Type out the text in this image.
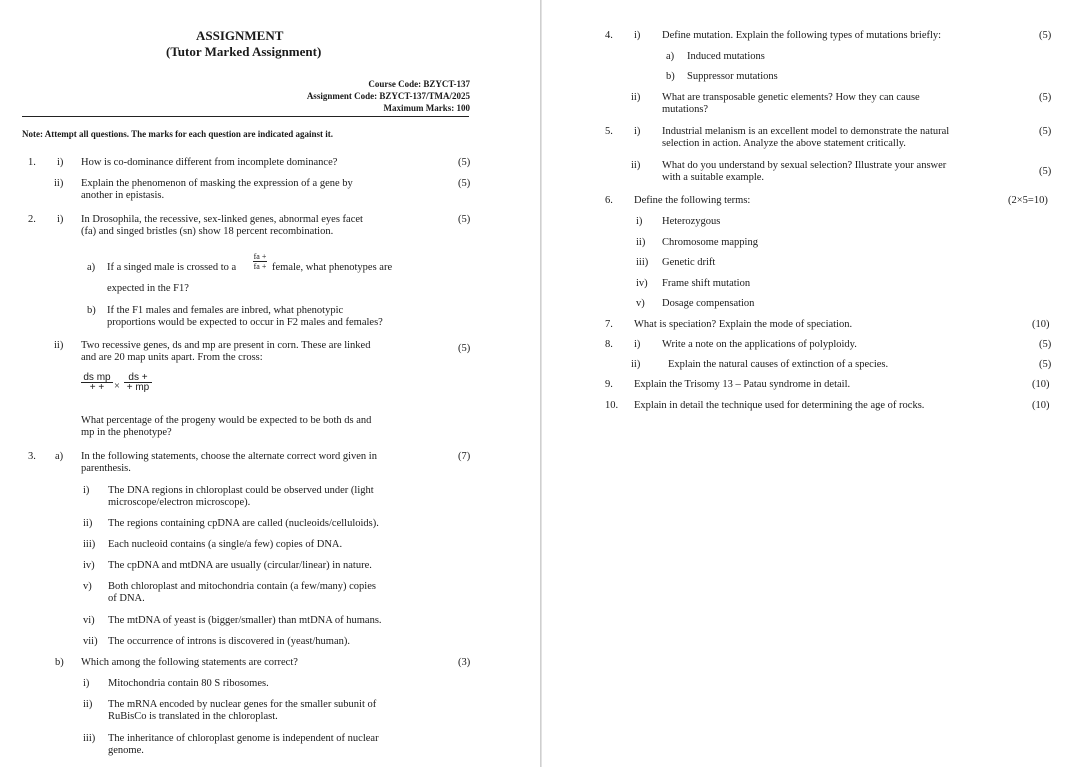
ASSIGNMENT
(Tutor Marked Assignment)
Course Code: BZYCT-137
Assignment Code: BZYCT-137/TMA/2025
Maximum Marks: 100
Note: Attempt all questions. The marks for each question are indicated against it.
1. i) How is co-dominance different from incomplete dominance?	(5)
ii) Explain the phenomenon of masking the expression of a gene by
another in epistasis.
(5)
2. i) In Drosophila, the recessive, sex-linked genes, abnormal eyes facet
(fa) and singed bristles (sn) show 18 percent recombination.
(5)
a) If a singed male is crossed to a $\frac{fa +}{fa +}$ female, what phenotypes are
expected in the F1?
b) If the F1 males and females are inbred, what phenotypic
proportions would be expected to occur in F2 males and females?
ii) Two recessive genes, ds and mp are present in corn. These are linked
and are 20 map units apart. From the cross:
(5)
ds mp
+ + × $\frac{ds +}{+ mp}$
What percentage of the progeny would be expected to be both ds and
mp in the phenotype?
3. a) In the following statements, choose the alternate correct word given in
parenthesis.
(7)
i) The DNA regions in chloroplast could be observed under (light
microscope/electron microscope).
ii) The regions containing cpDNA are called (nucleoids/celluloids).
iii) Each nucleoid contains (a single/a few) copies of DNA.
iv) The cpDNA and mtDNA are usually (circular/linear) in nature.
v) Both chloroplast and mitochondria contain (a few/many) copies
of DNA.
vi) The mtDNA of yeast is (bigger/smaller) than mtDNA of humans.
vii) The occurrence of introns is discovered in (yeast/human).
b) Which among the following statements are correct?	(3)
i) Mitochondria contain 80 S ribosomes.
ii) The mRNA encoded by nuclear genes for the smaller subunit of
RuBisCo is translated in the chloroplast.
iii) The inheritance of chloroplast genome is independent of nuclear
genome.
4. i) Define mutation. Explain the following types of mutations briefly:	(5)
a) Induced mutations
b) Suppressor mutations
ii) What are transposable genetic elements? How they can cause
mutations?
(5)
5. i) Industrial melanism is an excellent model to demonstrate the natural
selection in action. Analyze the above statement critically.
(5)
ii) What do you understand by sexual selection? Illustrate your answer
with a suitable example.
(5)
6. Define the following terms:	(2×5=10)
i) Heterozygous
ii) Chromosome mapping
iii) Genetic drift
iv) Frame shift mutation
v) Dosage compensation
7. What is speciation? Explain the mode of speciation.	(10)
8. i) Write a note on the applications of polyploidy.	(5)
ii)	Explain the natural causes of extinction of a species.	(5)
9. Explain the Trisomy 13 – Patau syndrome in detail.	(10)
10. Explain in detail the technique used for determining the age of rocks.	(10)
